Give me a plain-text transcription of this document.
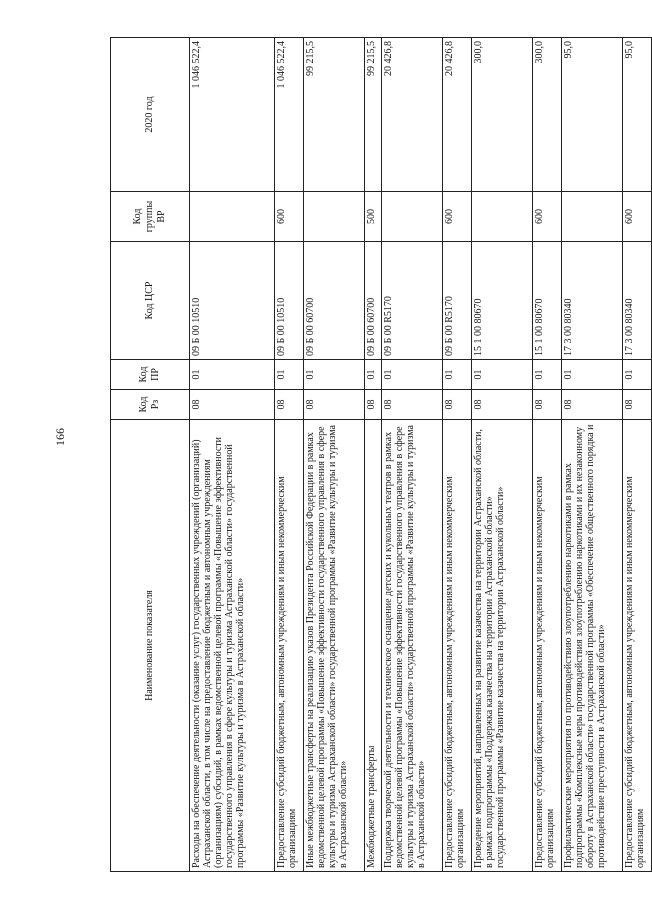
166
Наименование показателя	Код Рз	Код ПР	Код ЦСР	Код группы ВР	2020 год
Расходы на обеспечение деятельности (оказание услуг) государственных учреждений (организаций) Астраханской области, в том числе на предоставление бюджетным и автономным учреждениям (организациям) субсидий, в рамках ведомственной целевой программы «Повышение эффективности государственного управления в сфере культуры и туризма Астраханской области» государственной программы «Развитие культуры и туризма в Астраханской области»	08	01	09 Б 00 10510		1 046 522,4
Предоставление субсидий бюджетным, автономным учреждениям и иным некоммерческим организациям	08	01	09 Б 00 10510	600	1 046 522,4
Иные межбюджетные трансферты на реализацию указов Президента Российской Федерации в рамках ведомственной целевой программы «Повышение эффективности государственного управления в сфере культуры и туризма Астраханской области» государственной программы «Развитие культуры и туризма в Астраханской области»	08	01	09 Б 00 60700		99 215,5
Межбюджетные трансферты	08	01	09 Б 00 60700	500	99 215,5
Поддержка творческой деятельности и техническое оснащение детских и кукольных театров в рамках ведомственной целевой программы «Повышение эффективности государственного управления в сфере культуры и туризма Астраханской области» государственной программы «Развитие культуры и туризма в Астраханской области»	08	01	09 Б 00 R5170		20 426,8
Предоставление субсидий бюджетным, автономным учреждениям и иным некоммерческим организациям	08	01	09 Б 00 R5170	600	20 426,8
Проведение мероприятий, направленных на развитие казачества на территории Астраханской области, в рамках подпрограммы «Поддержка казачества на территории Астраханской области» государственной программы «Развитие казачества на территории Астраханской области»	08	01	15 1 00 80670		300,0
Предоставление субсидий бюджетным, автономным учреждениям и иным некоммерческим организациям	08	01	15 1 00 80670	600	300,0
Профилактические мероприятия по противодействию злоупотреблению наркотиками в рамках подпрограммы «Комплексные меры противодействия злоупотреблению наркотиками и их незаконному обороту в Астраханской области» государственной программы «Обеспечение общественного порядка и противодействие преступности в Астраханской области»	08	01	17 3 00 80340		95,0
Предоставление субсидий бюджетным, автономным учреждениям и иным некоммерческим организациям	08	01	17 3 00 80340	600	95,0
